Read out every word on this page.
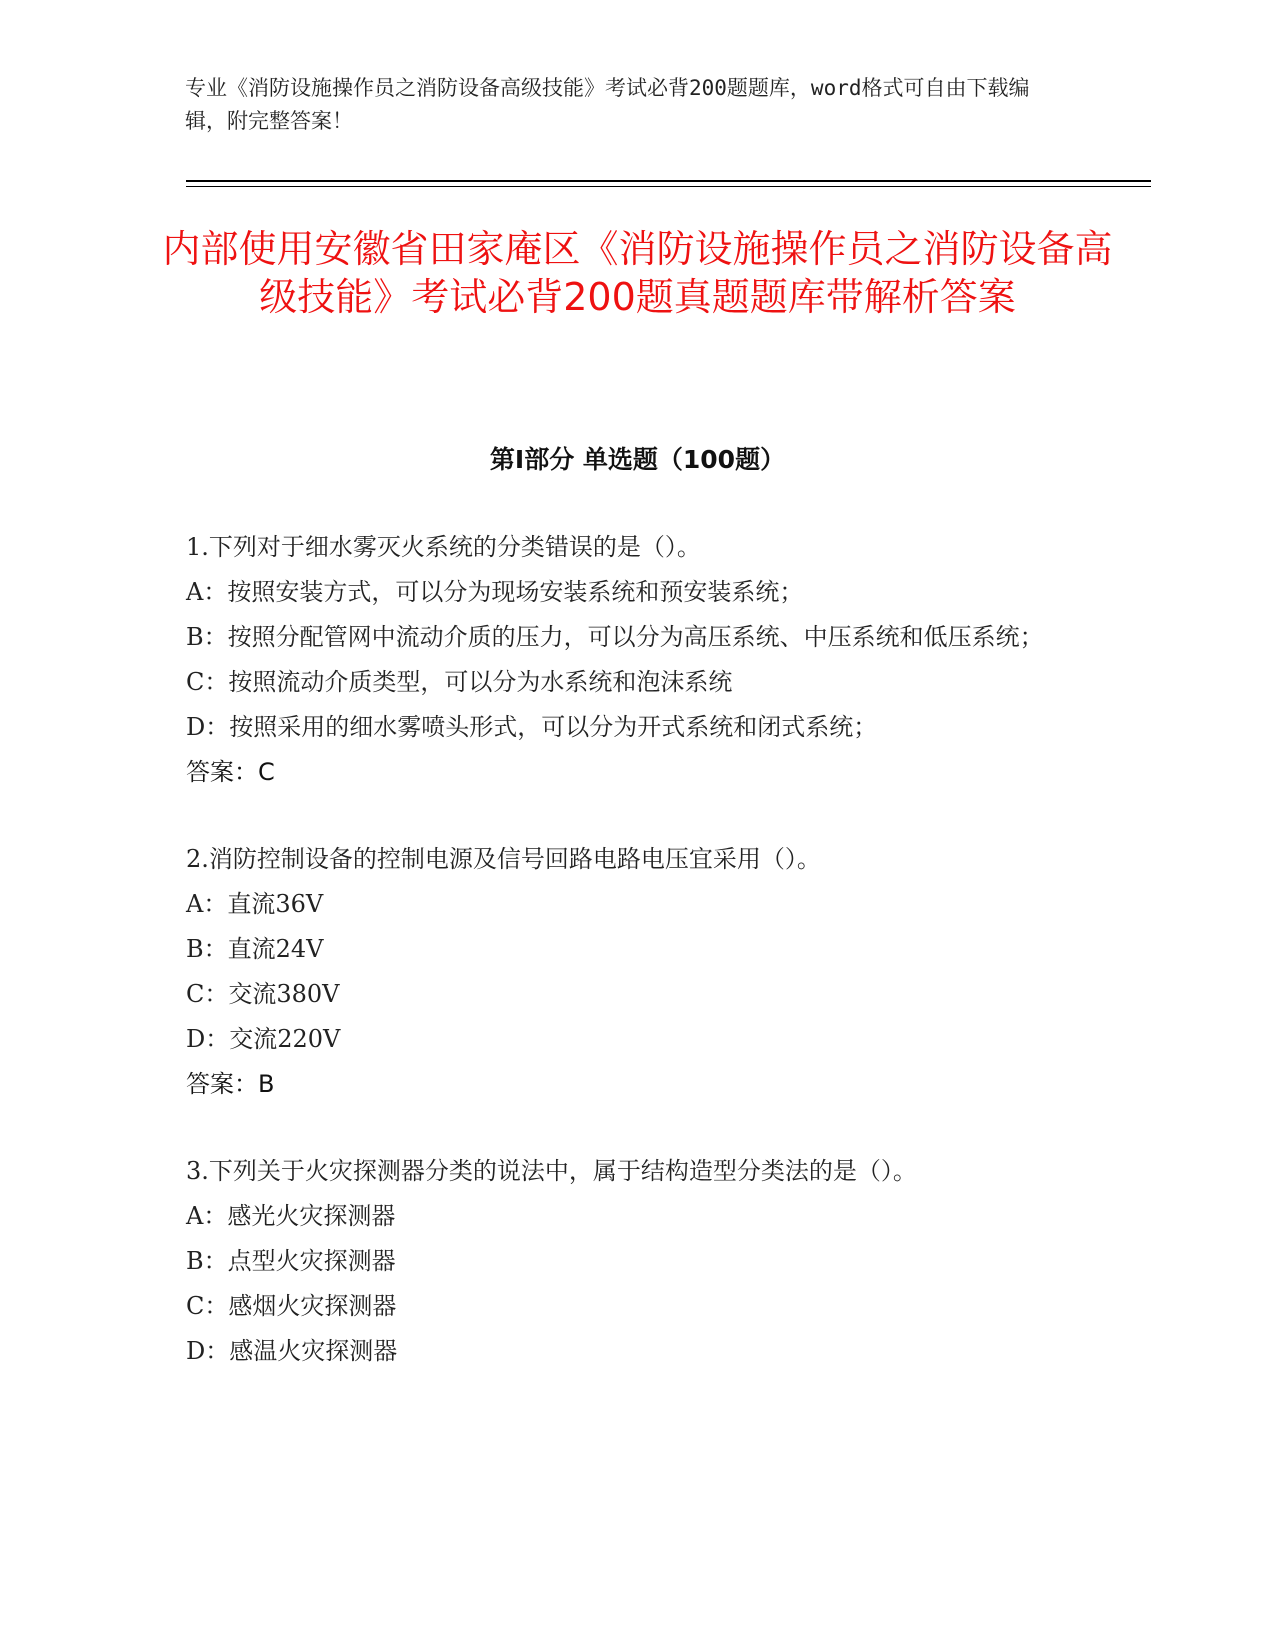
专业《消防设施操作员之消防设备高级技能》考试必背200题题库，word格式可自由下载编辑，附完整答案！
内部使用安徽省田家庵区《消防设施操作员之消防设备高级技能》考试必背200题真题题库带解析答案
第I部分 单选题（100题）

1.下列对于细水雾灭火系统的分类错误的是（）。

A：按照安装方式，可以分为现场安装系统和预安装系统；

B：按照分配管网中流动介质的压力，可以分为高压系统、中压系统和低压系统；

C：按照流动介质类型，可以分为水系统和泡沫系统

D：按照采用的细水雾喷头形式，可以分为开式系统和闭式系统；

答案：C

2.消防控制设备的控制电源及信号回路电路电压宜采用（）。

A：直流36V

B：直流24V

C：交流380V

D：交流220V

答案：B

3.下列关于火灾探测器分类的说法中，属于结构造型分类法的是（）。

A：感光火灾探测器

B：点型火灾探测器

C：感烟火灾探测器

D：感温火灾探测器
